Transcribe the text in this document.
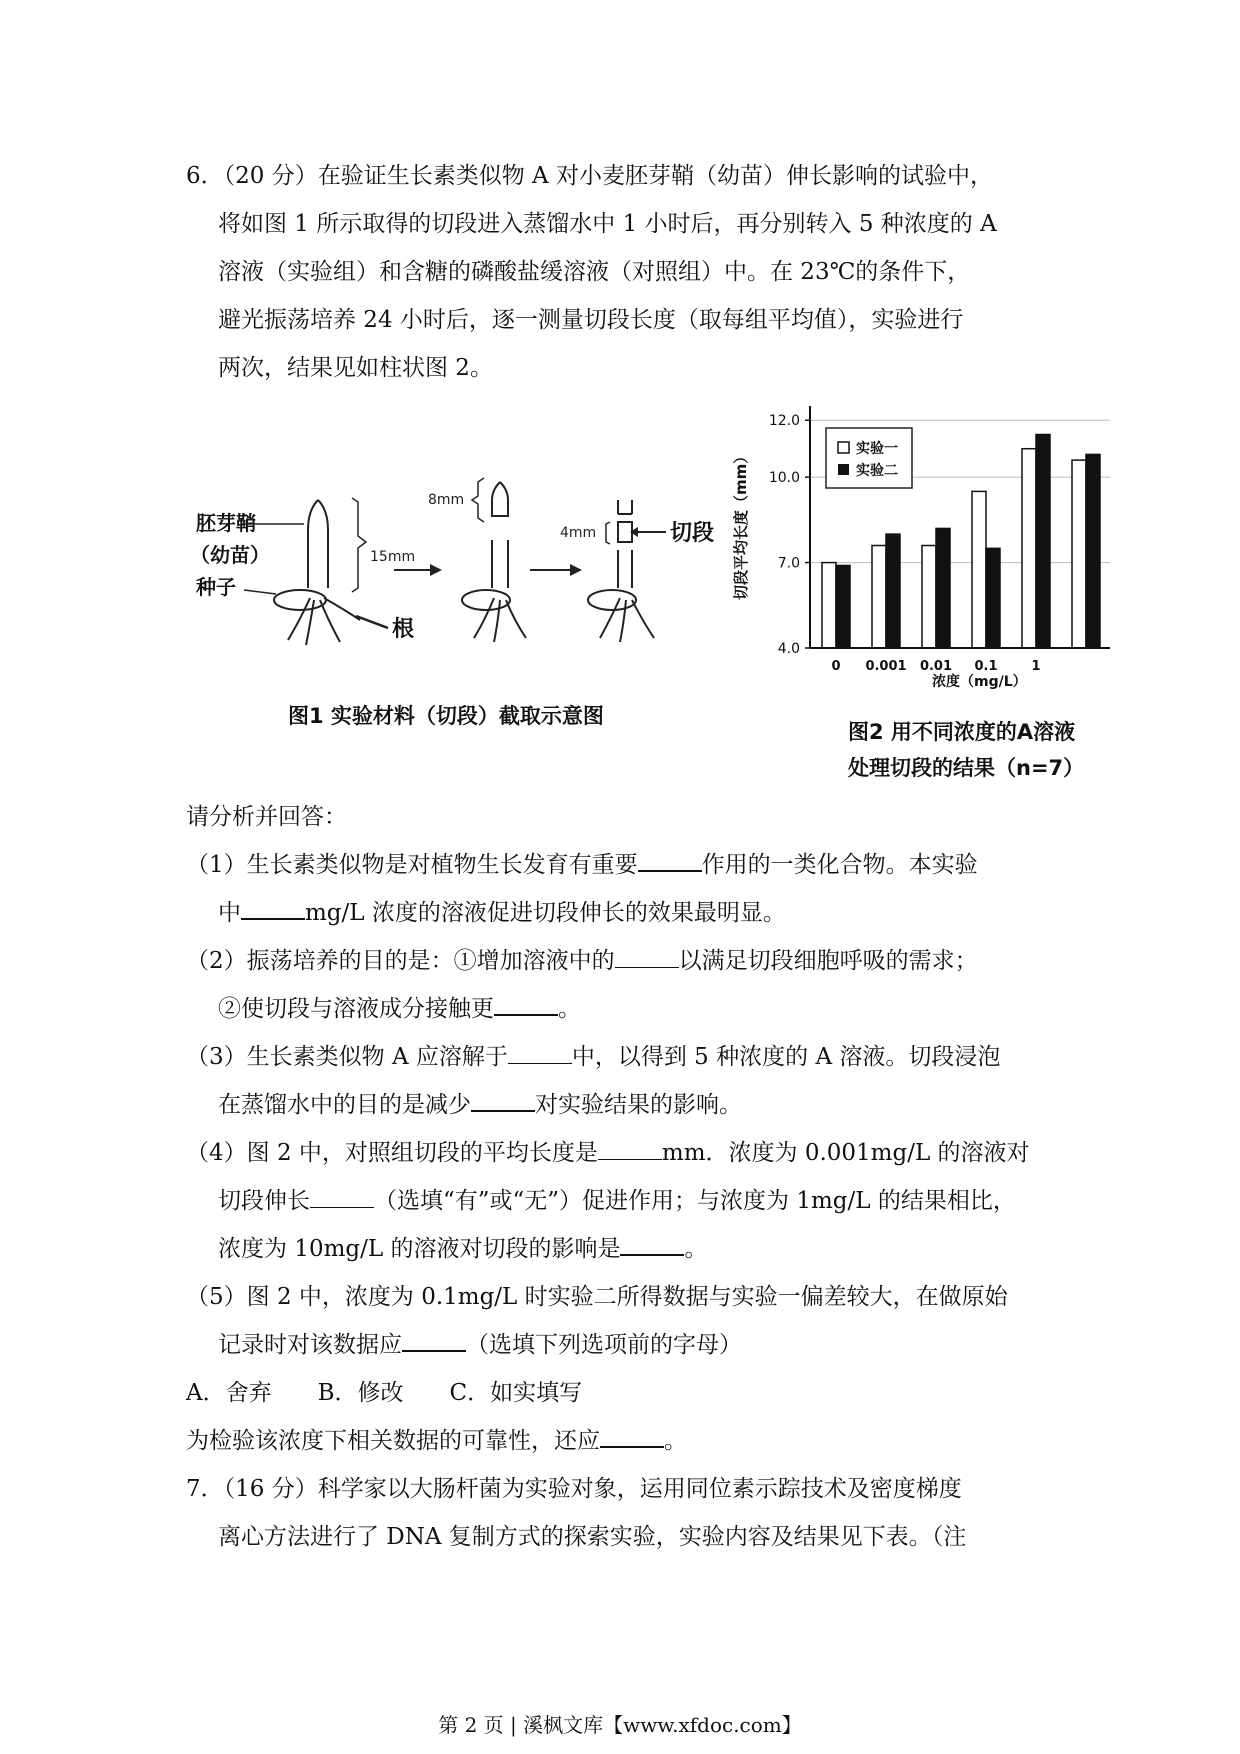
6．（20 分）在验证生长素类似物 A 对小麦胚芽鞘（幼苗）伸长影响的试验中，
将如图 1 所示取得的切段进入蒸馏水中 1 小时后，再分别转入 5 种浓度的 A
溶液（实验组）和含糖的磷酸盐缓溶液（对照组）中。在 23℃的条件下，
避光振荡培养 24 小时后，逐一测量切段长度（取每组平均值），实验进行
两次，结果见如柱状图 2。
15mm
胚芽鞘
（幼苗）
种子
根
8mm
4mm	切段
图1 实验材料（切段）截取示意图
4.0
7.0
10.0
12.0
0 0.001 0.01 0.1	1
切段平均长度（mm）
浓度（mg/L）
实验一
实验二
图2 用不同浓度的A溶液
处理切段的结果（n=7）
请分析并回答：
（1）生长素类似物是对植物生长发育有重要	作用的一类化合物。本实验
中	mg/L 浓度的溶液促进切段伸长的效果最明显。
（2）振荡培养的目的是：①增加溶液中的	以满足切段细胞呼吸的需求；
②使切段与溶液成分接触更	。
（3）生长素类似物 A 应溶解于	中，以得到 5 种浓度的 A 溶液。切段浸泡
在蒸馏水中的目的是减少	对实验结果的影响。
（4）图 2 中，对照组切段的平均长度是	mm．浓度为 0.001mg/L 的溶液对
切段伸长	（选填“有”或“无”）促进作用；与浓度为 1mg/L 的结果相比，
浓度为 10mg/L 的溶液对切段的影响是	。
（5）图 2 中，浓度为 0.1mg/L 时实验二所得数据与实验一偏差较大，在做原始
记录时对该数据应	（选填下列选项前的字母）
A．舍弃　　B．修改　　C．如实填写
为检验该浓度下相关数据的可靠性，还应	。
7．（16 分）科学家以大肠杆菌为实验对象，运用同位素示踪技术及密度梯度
离心方法进行了 DNA 复制方式的探索实验，实验内容及结果见下表。（注
第 2 页 | 溪枫文库【www.xfdoc.com】
